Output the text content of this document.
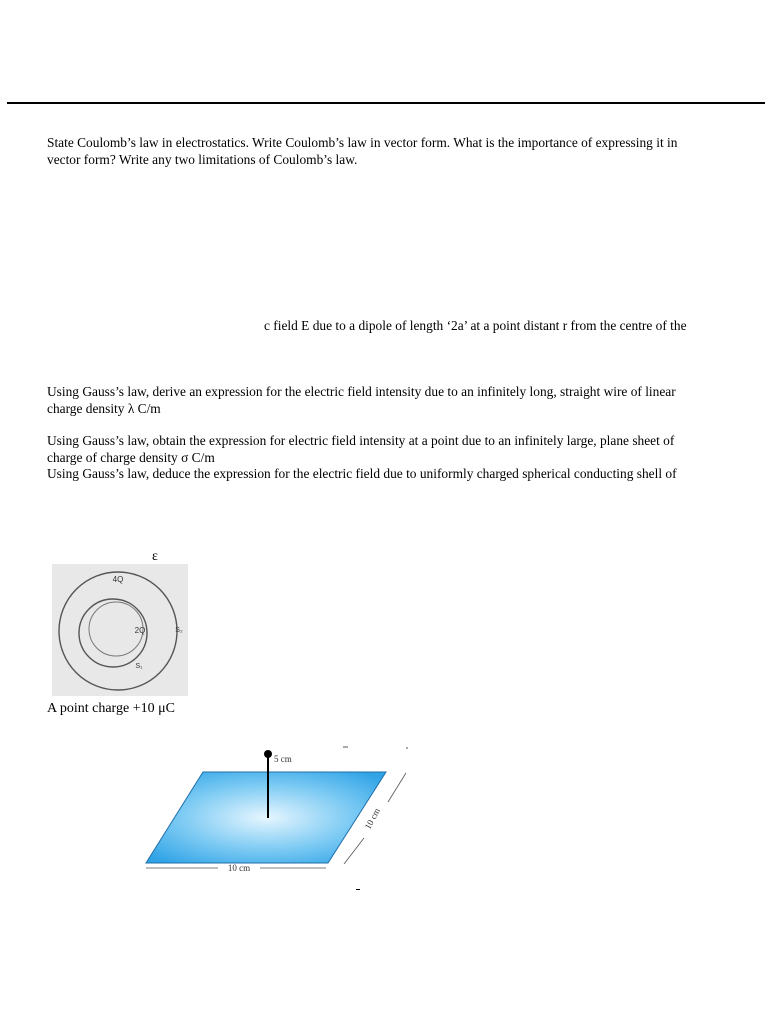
State Coulomb’s law in electrostatics. Write Coulomb’s law in vector form. What is the importance of expressing it in
vector form? Write any two limitations of Coulomb’s law.
c field E due to a dipole of length ‘2a’ at a point distant r from the centre of the
Using Gauss’s law, derive an expression for the electric field intensity due to an infinitely long, straight wire of linear
charge density λ C/m
Using Gauss’s law, obtain the expression for electric field intensity at a point due to an infinitely large, plane sheet of
charge of charge density σ C/m
Using Gauss’s law, deduce the expression for the electric field due to uniformly charged spherical conducting shell of
ε
4Q
2Q	S₂
S₁
A point charge +10 μC
5 cm
10 cm
10 cm
